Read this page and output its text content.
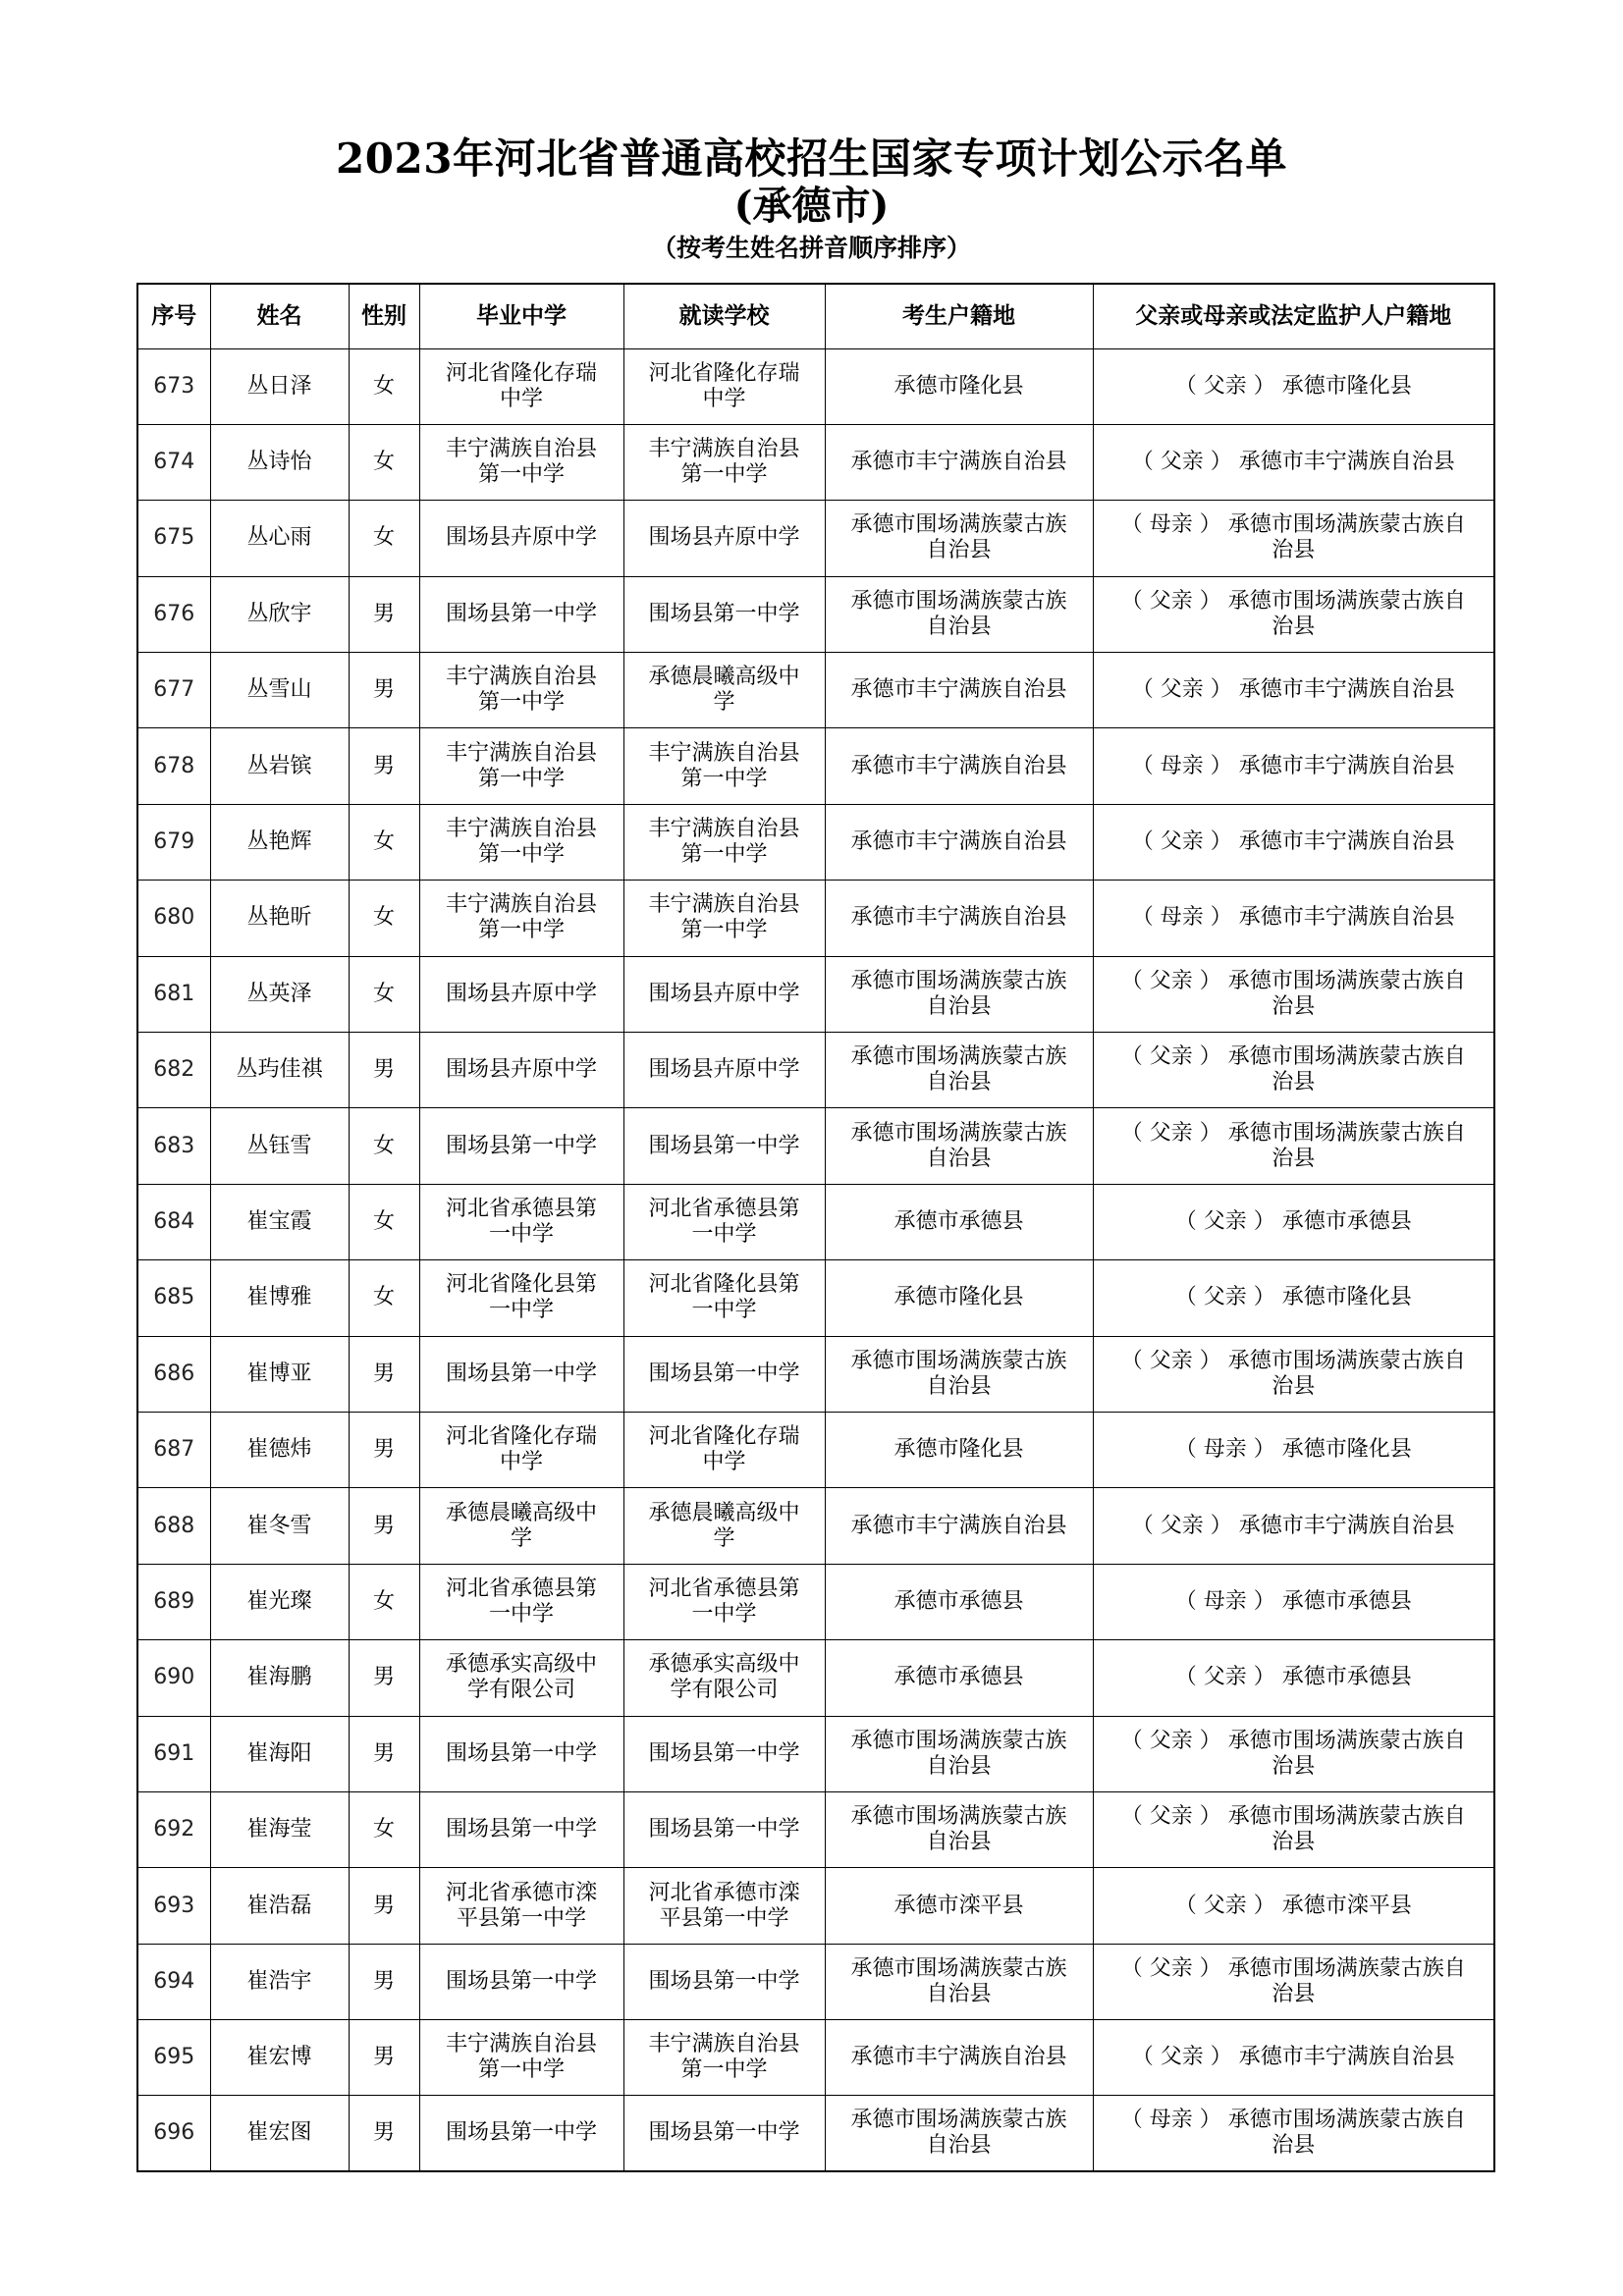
2023年河北省普通高校招生国家专项计划公示名单
(承德市)
（按考生姓名拼音顺序排序）
序号	姓名	性别	毕业中学	就读学校	考生户籍地	父亲或母亲或法定监护人户籍地
673	丛日泽	女	河北省隆化存瑞中学	河北省隆化存瑞中学	承德市隆化县	（ 父亲 ） 承德市隆化县
674	丛诗怡	女	丰宁满族自治县第一中学	丰宁满族自治县第一中学	承德市丰宁满族自治县	（ 父亲 ） 承德市丰宁满族自治县
675	丛心雨	女	围场县卉原中学	围场县卉原中学	承德市围场满族蒙古族自治县	（ 母亲 ） 承德市围场满族蒙古族自治县
676	丛欣宇	男	围场县第一中学	围场县第一中学	承德市围场满族蒙古族自治县	（ 父亲 ） 承德市围场满族蒙古族自治县
677	丛雪山	男	丰宁满族自治县第一中学	承德晨曦高级中学	承德市丰宁满族自治县	（ 父亲 ） 承德市丰宁满族自治县
678	丛岩镔	男	丰宁满族自治县第一中学	丰宁满族自治县第一中学	承德市丰宁满族自治县	（ 母亲 ） 承德市丰宁满族自治县
679	丛艳辉	女	丰宁满族自治县第一中学	丰宁满族自治县第一中学	承德市丰宁满族自治县	（ 父亲 ） 承德市丰宁满族自治县
680	丛艳昕	女	丰宁满族自治县第一中学	丰宁满族自治县第一中学	承德市丰宁满族自治县	（ 母亲 ） 承德市丰宁满族自治县
681	丛英泽	女	围场县卉原中学	围场县卉原中学	承德市围场满族蒙古族自治县	（ 父亲 ） 承德市围场满族蒙古族自治县
682	丛玙佳祺	男	围场县卉原中学	围场县卉原中学	承德市围场满族蒙古族自治县	（ 父亲 ） 承德市围场满族蒙古族自治县
683	丛钰雪	女	围场县第一中学	围场县第一中学	承德市围场满族蒙古族自治县	（ 父亲 ） 承德市围场满族蒙古族自治县
684	崔宝霞	女	河北省承德县第一中学	河北省承德县第一中学	承德市承德县	（ 父亲 ） 承德市承德县
685	崔博雅	女	河北省隆化县第一中学	河北省隆化县第一中学	承德市隆化县	（ 父亲 ） 承德市隆化县
686	崔博亚	男	围场县第一中学	围场县第一中学	承德市围场满族蒙古族自治县	（ 父亲 ） 承德市围场满族蒙古族自治县
687	崔德炜	男	河北省隆化存瑞中学	河北省隆化存瑞中学	承德市隆化县	（ 母亲 ） 承德市隆化县
688	崔冬雪	男	承德晨曦高级中学	承德晨曦高级中学	承德市丰宁满族自治县	（ 父亲 ） 承德市丰宁满族自治县
689	崔光璨	女	河北省承德县第一中学	河北省承德县第一中学	承德市承德县	（ 母亲 ） 承德市承德县
690	崔海鹏	男	承德承实高级中学有限公司	承德承实高级中学有限公司	承德市承德县	（ 父亲 ） 承德市承德县
691	崔海阳	男	围场县第一中学	围场县第一中学	承德市围场满族蒙古族自治县	（ 父亲 ） 承德市围场满族蒙古族自治县
692	崔海莹	女	围场县第一中学	围场县第一中学	承德市围场满族蒙古族自治县	（ 父亲 ） 承德市围场满族蒙古族自治县
693	崔浩磊	男	河北省承德市滦平县第一中学	河北省承德市滦平县第一中学	承德市滦平县	（ 父亲 ） 承德市滦平县
694	崔浩宇	男	围场县第一中学	围场县第一中学	承德市围场满族蒙古族自治县	（ 父亲 ） 承德市围场满族蒙古族自治县
695	崔宏博	男	丰宁满族自治县第一中学	丰宁满族自治县第一中学	承德市丰宁满族自治县	（ 父亲 ） 承德市丰宁满族自治县
696	崔宏图	男	围场县第一中学	围场县第一中学	承德市围场满族蒙古族自治县	（ 母亲 ） 承德市围场满族蒙古族自治县
